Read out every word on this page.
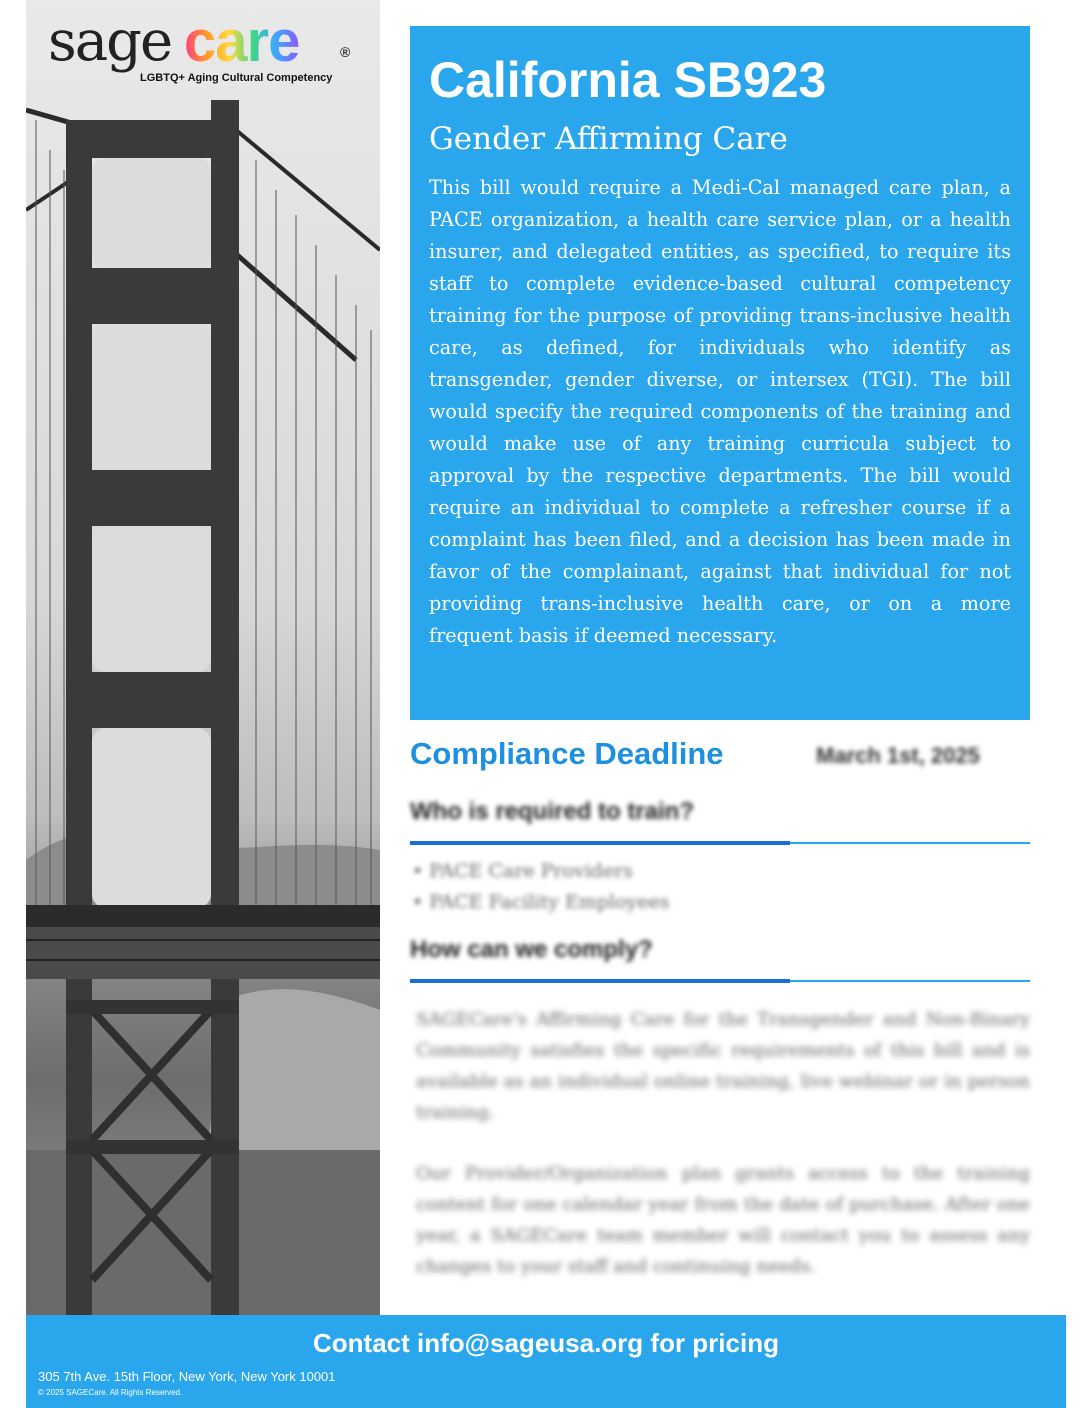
sage care	®
LGBTQ+ Aging Cultural Competency California SB923
Gender Affirming Care

This bill would require a Medi-Cal managed care plan, a PACE organization, a health care service plan, or a health insurer, and delegated entities, as specified, to require its staff to complete evidence-based cultural competency training for the purpose of providing trans-inclusive health care, as defined, for individuals who identify as transgender, gender diverse, or intersex (TGI). The bill would specify the required components of the training and would make use of any training curricula subject to approval by the respective departments. The bill would require an individual to complete a refresher course if a complaint has been filed, and a decision has been made in favor of the complainant, against that individual for not providing trans-inclusive health care, or on a more frequent basis if deemed necessary.

Compliance Deadline	March 1st, 2025
Who is required to train?
• PACE Care Providers
• PACE Facility Employees
How can we comply?

SAGECare's Affirming Care for the Transgender and Non-Binary Community satisfies the specific requirements of this bill and is available as an individual online training, live webinar or in person training.

Our Provider/Organization plan grants access to the training content for one calendar year from the date of purchase. After one year, a SAGECare team member will contact you to assess any changes to your staff and continuing needs.

Contact info@sageusa.org for pricing
305 7th Ave. 15th Floor, New York, New York 10001
© 2025 SAGECare. All Rights Reserved.
